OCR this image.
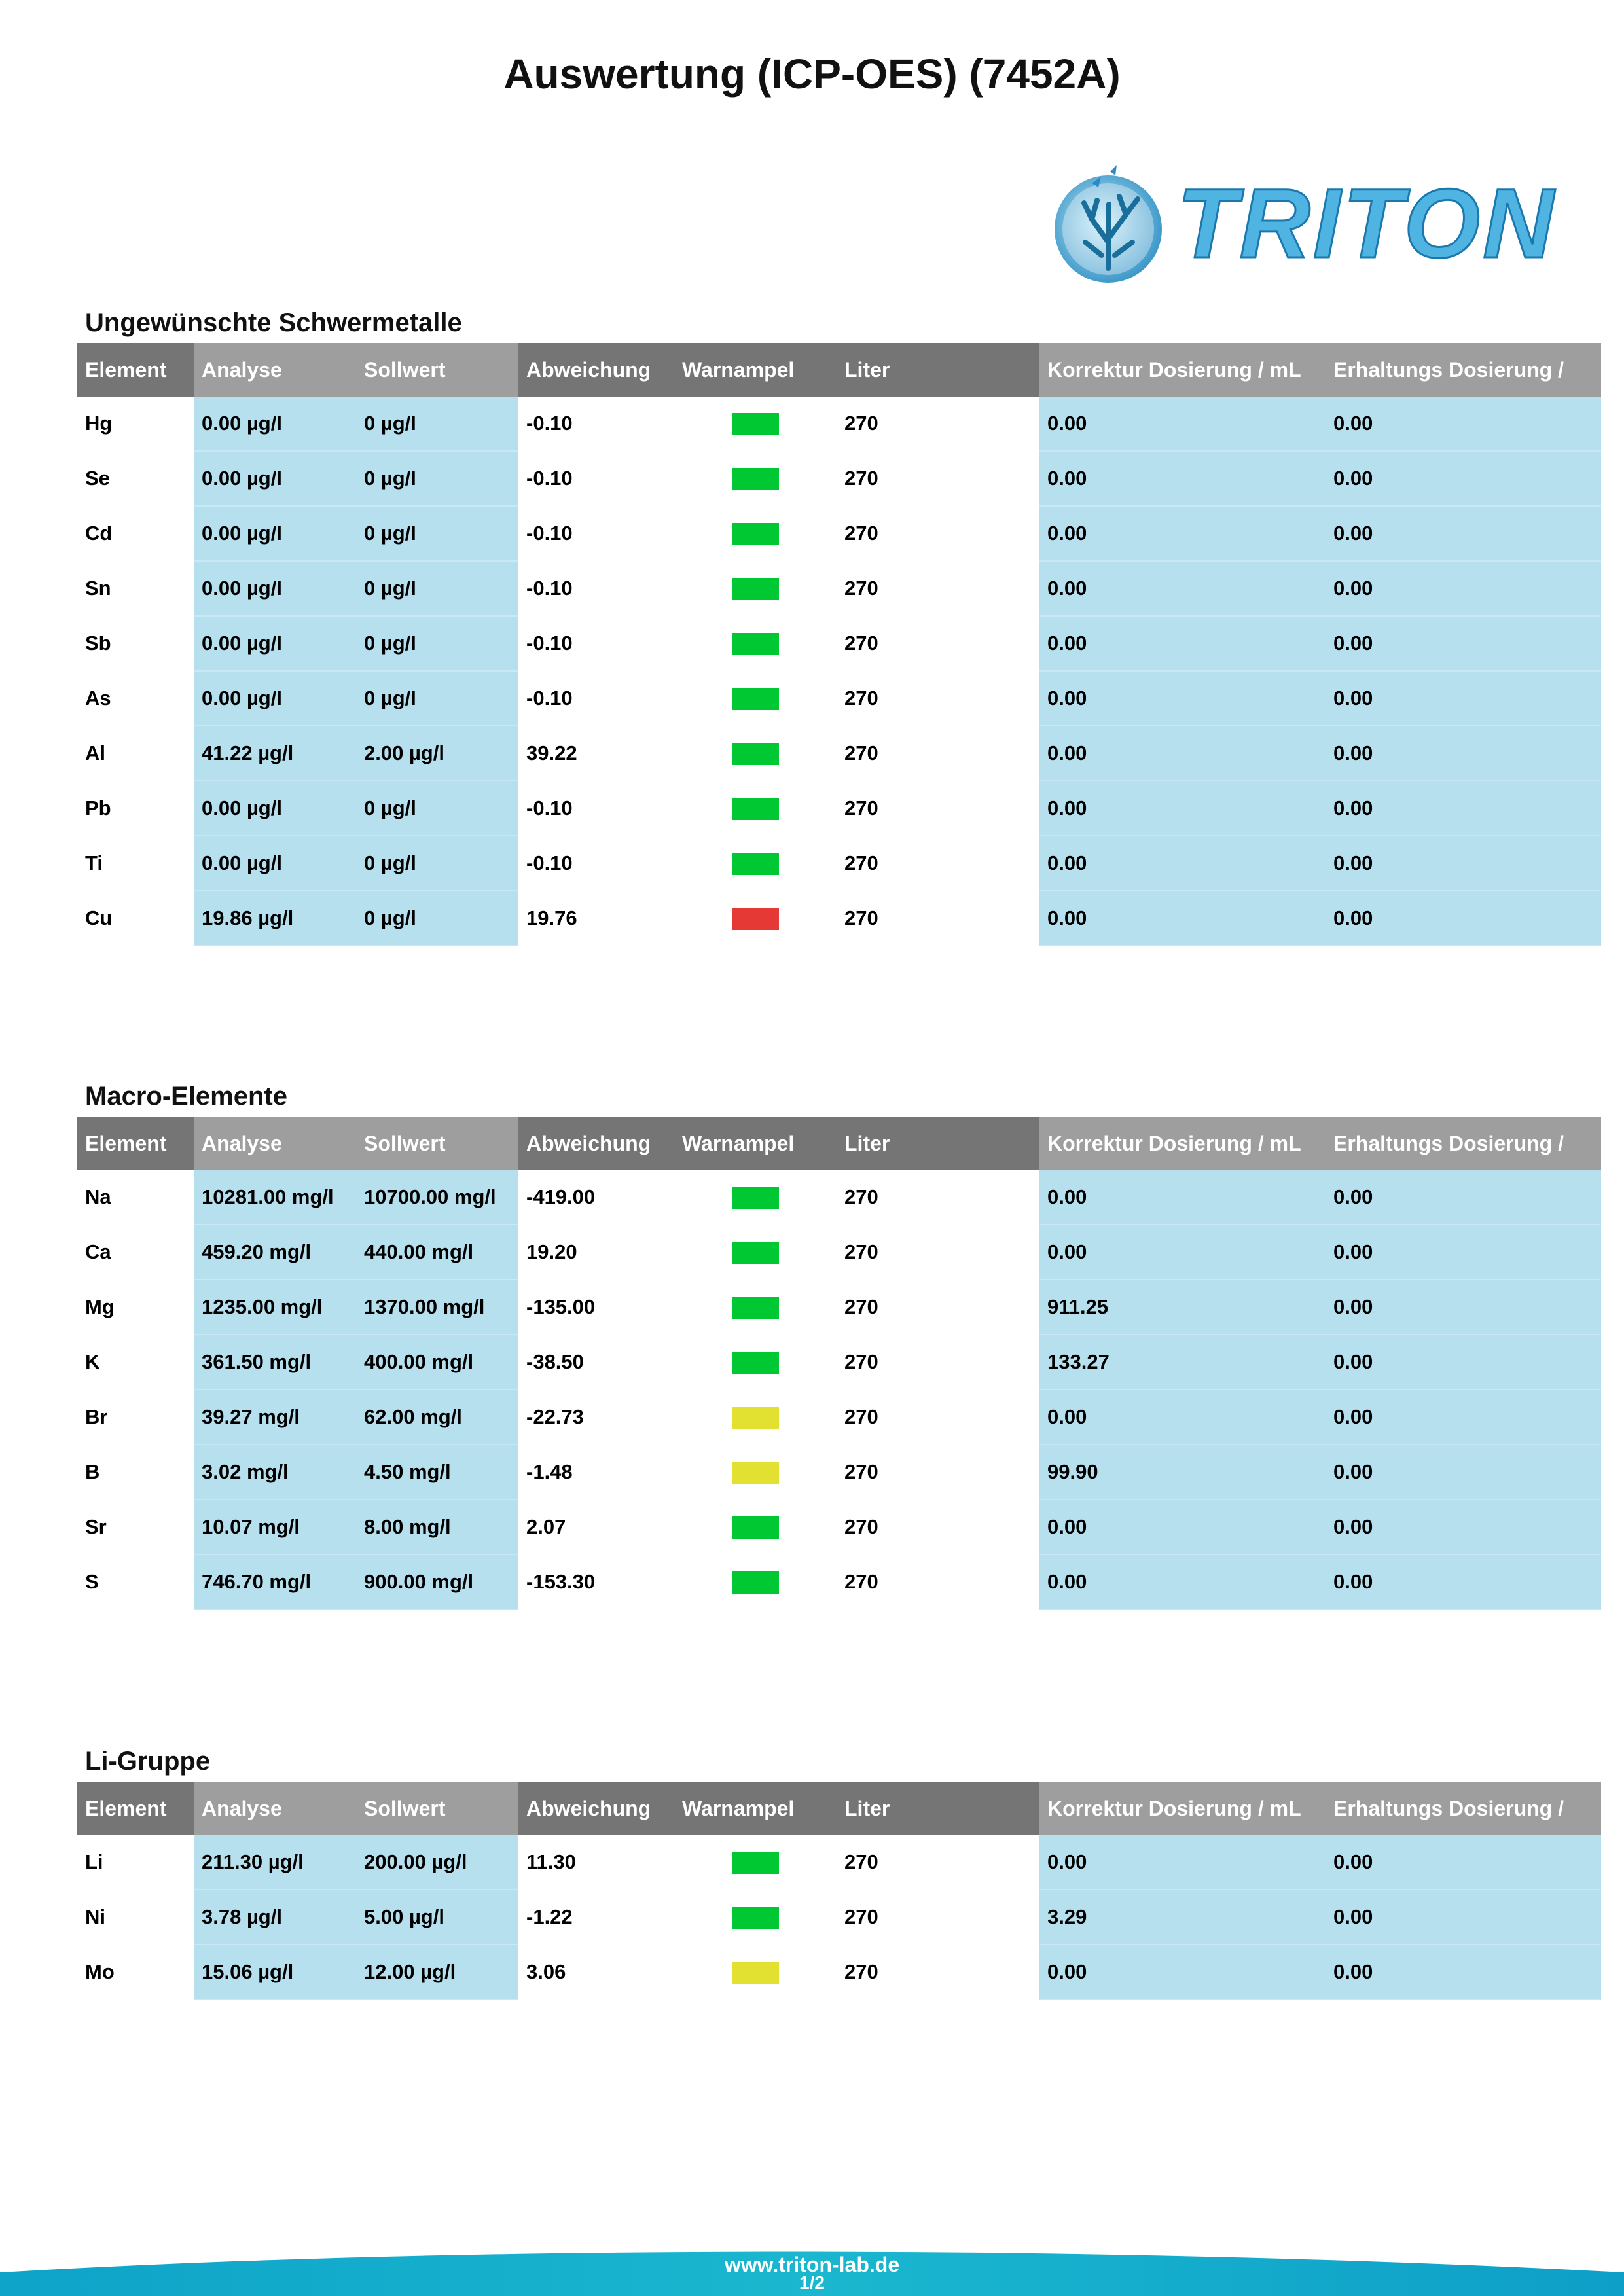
Auswertung (ICP-OES) (7452A)
TRITON
Ungewünschte Schwermetalle
Element	Analyse	Sollwert	Abweichung	Warnampel	Liter	Korrektur Dosierung / mL	Erhaltungs Dosierung /
Hg	0.00 µg/l	0 µg/l	-0.10		270	0.00	0.00
Se	0.00 µg/l	0 µg/l	-0.10		270	0.00	0.00
Cd	0.00 µg/l	0 µg/l	-0.10		270	0.00	0.00
Sn	0.00 µg/l	0 µg/l	-0.10		270	0.00	0.00
Sb	0.00 µg/l	0 µg/l	-0.10		270	0.00	0.00
As	0.00 µg/l	0 µg/l	-0.10		270	0.00	0.00
Al	41.22 µg/l	2.00 µg/l	39.22		270	0.00	0.00
Pb	0.00 µg/l	0 µg/l	-0.10		270	0.00	0.00
Ti	0.00 µg/l	0 µg/l	-0.10		270	0.00	0.00
Cu	19.86 µg/l	0 µg/l	19.76		270	0.00	0.00
Macro-Elemente
Element	Analyse	Sollwert	Abweichung	Warnampel	Liter	Korrektur Dosierung / mL	Erhaltungs Dosierung /
Na	10281.00 mg/l	10700.00 mg/l	-419.00		270	0.00	0.00
Ca	459.20 mg/l	440.00 mg/l	19.20		270	0.00	0.00
Mg	1235.00 mg/l	1370.00 mg/l	-135.00		270	911.25	0.00
K	361.50 mg/l	400.00 mg/l	-38.50		270	133.27	0.00
Br	39.27 mg/l	62.00 mg/l	-22.73		270	0.00	0.00
B	3.02 mg/l	4.50 mg/l	-1.48		270	99.90	0.00
Sr	10.07 mg/l	8.00 mg/l	2.07		270	0.00	0.00
S	746.70 mg/l	900.00 mg/l	-153.30		270	0.00	0.00
Li-Gruppe
Element	Analyse	Sollwert	Abweichung	Warnampel	Liter	Korrektur Dosierung / mL	Erhaltungs Dosierung /
Li	211.30 µg/l	200.00 µg/l	11.30		270	0.00	0.00
Ni	3.78 µg/l	5.00 µg/l	-1.22		270	3.29	0.00
Mo	15.06 µg/l	12.00 µg/l	3.06		270	0.00	0.00
www.triton-lab.de
1/2
